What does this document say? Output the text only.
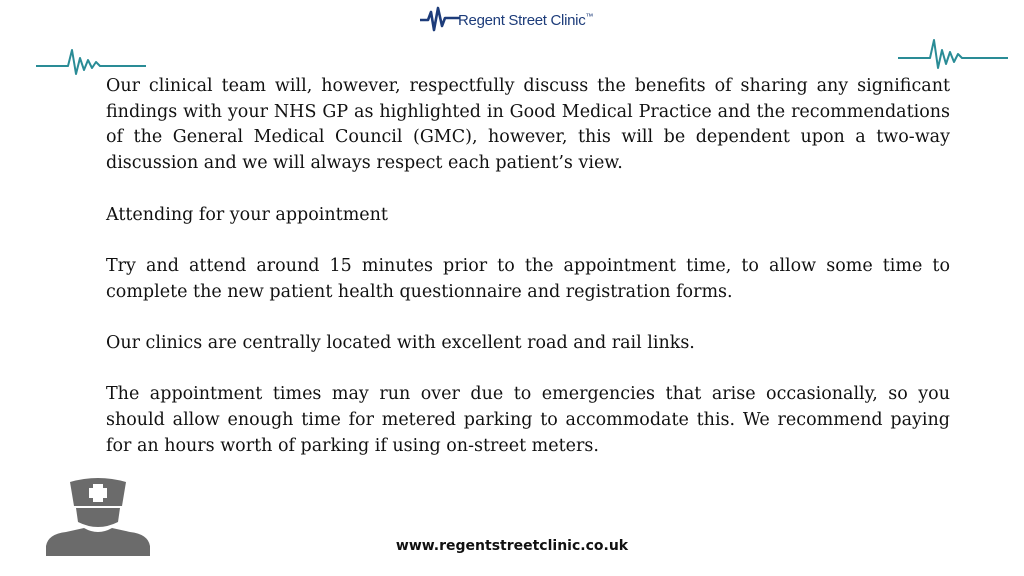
Regent Street Clinic™

Our clinical team will, however, respectfully discuss the benefits of sharing any significant findings with your NHS GP as highlighted in Good Medical Practice and the recommendations of the General Medical Council (GMC), however, this will be dependent upon a two-way discussion and we will always respect each patient’s view.

Attending for your appointment

Try and attend around 15 minutes prior to the appointment time, to allow some time to complete the new patient health questionnaire and registration forms.

Our clinics are centrally located with excellent road and rail links.

The appointment times may run over due to emergencies that arise occasionally, so you should allow enough time for metered parking to accommodate this. We recommend paying for an hours worth of parking if using on-street meters.

www.regentstreetclinic.co.uk
